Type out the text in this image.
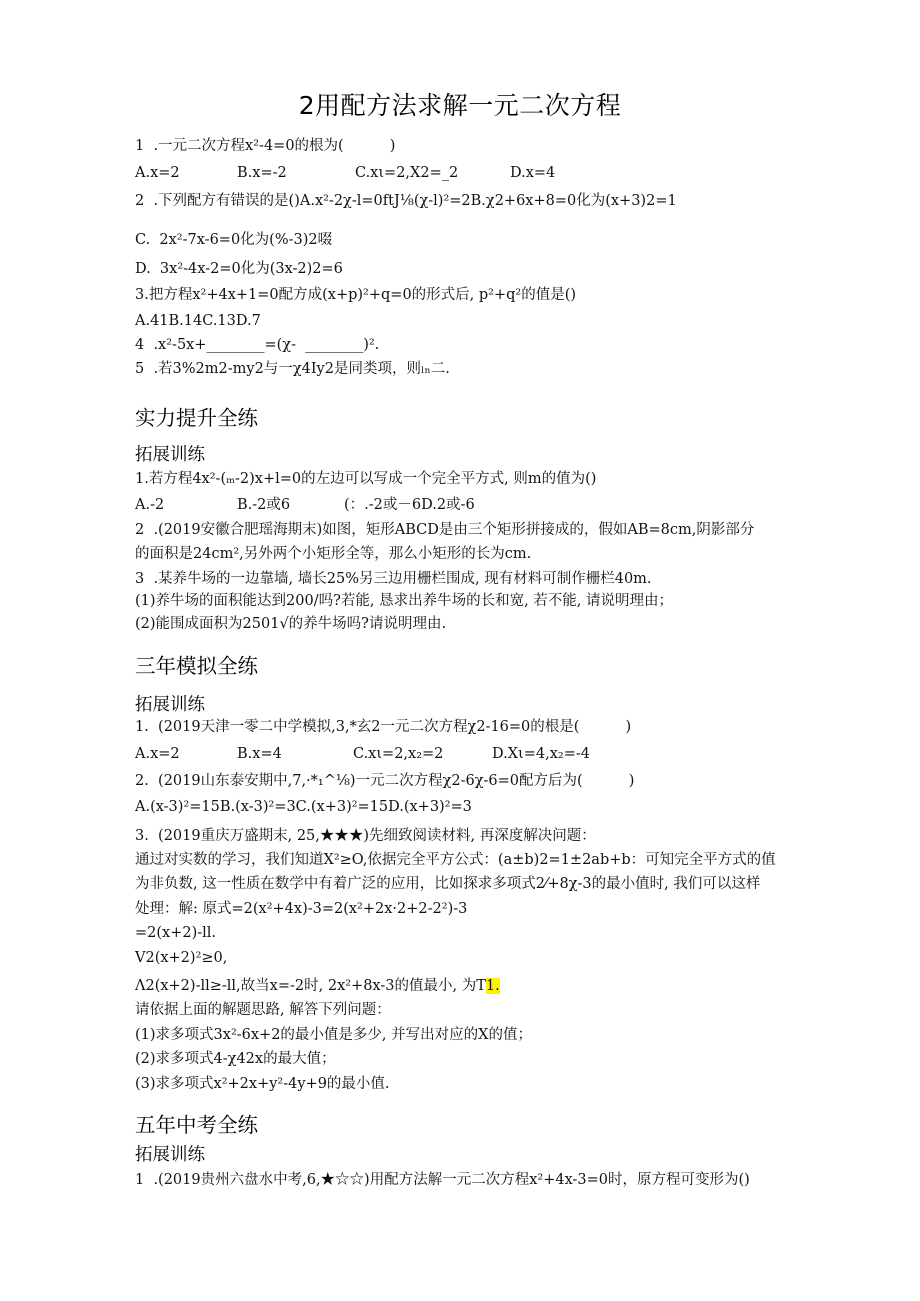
2用配方法求解一元二次方程
1  .一元二次方程x²-4=0的根为(          )
A.x=2	B.x=-2	C.xι=2,X2=_2	D.x=4
2  .下列配方有错误的是()A.x²-2χ-l=0ftJ⅛(χ-l)²=2B.χ2+6x+8=0化为(x+3)2=1
C.  2x²-7x-6=0化为(%-3)2啜
D.  3x²-4x-2=0化为(3x-2)2=6
3.把方程x²+4x+1=0配方成(x+p)²+q=0的形式后, p²+q²的值是()
A.41B.14C.13D.7
4  .x²-5x+________=(χ-  ________)².
5  .若3%2m2-my2与一χ4Iy2是同类项，则ₗₙ二.
实力提升全练
拓展训练
1.若方程4x²-(ₘ-2)x+l=0的左边可以写成一个完全平方式, 则m的值为()
A.-2	B.-2或6	(：.-2或－6D.2或-6
2  .(2019安徽合肥瑶海期末)如图，矩形ABCD是由三个矩形拼接成的，假如AB=8cm,阴影部分
的面积是24cm²,另外两个小矩形全等，那么小矩形的长为cm.
3  .某养牛场的一边靠墙, 墙长25%另三边用栅栏围成, 现有材料可制作栅栏40m.
(1)养牛场的面积能达到200/吗?若能, 恳求出养牛场的长和宽, 若不能, 请说明理由；
(2)能围成面积为2501√的养牛场吗?请说明理由.
三年模拟全练
拓展训练
1.  (2019天津一零二中学模拟,3,*玄2一元二次方程χ2-16=0的根是(          )
A.x=2	B.x=4	C.xι=2,x₂=2	D.Xι=4,x₂=-4
2.  (2019山东泰安期中,7,·*₁^⅛)一元二次方程χ2-6χ-6=0配方后为(          )
A.(x-3)²=15B.(x-3)²=3C.(x+3)²=15D.(x+3)²=3
3.  (2019重庆万盛期末, 25,★★★)先细致阅读材料, 再深度解决问题：
通过对实数的学习，我们知道X²≥O,依据完全平方公式：(a±b)2=1±2ab+b：可知完全平方式的值
为非负数, 这一性质在数学中有着广泛的应用，比如探求多项式2⁄+8χ-3的最小值时, 我们可以这样
处理：解: 原式=2(x²+4x)-3=2(x²+2x·2+2-2²)-3
=2(x+2)-ll.
V2(x+2)²≥0,
Λ2(x+2)-ll≥-ll,故当x=-2时, 2x²+8x-3的值最小, 为T1.
请依据上面的解题思路, 解答下列问题：
(1)求多项式3x²-6x+2的最小值是多少, 并写出对应的X的值；
(2)求多项式4-χ42x的最大值；
(3)求多项式x²+2x+y²-4y+9的最小值.
五年中考全练
拓展训练
1  .(2019贵州六盘水中考,6,★☆☆)用配方法解一元二次方程x²+4x-3=0时，原方程可变形为()
